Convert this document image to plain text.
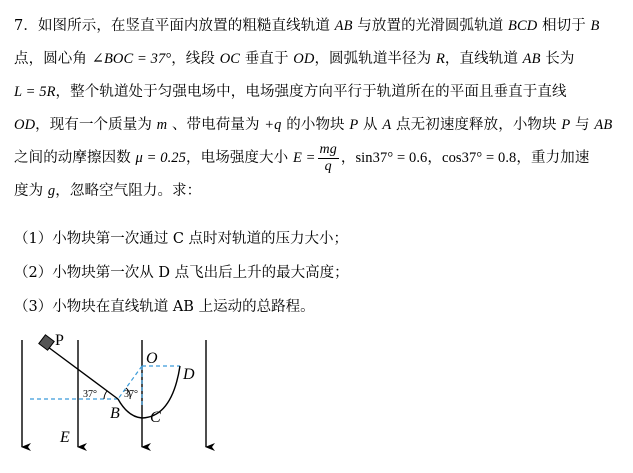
7．如图所示，在竖直平面内放置的粗糙直线轨道 AB 与放置的光滑圆弧轨道 BCD 相切于 B
点，圆心角 ∠BOC = 37°，线段 OC 垂直于 OD，圆弧轨道半径为 R，直线轨道 AB 长为
L = 5R，整个轨道处于匀强电场中，电场强度方向平行于轨道所在的平面且垂直于直线
OD，现有一个质量为 m 、带电荷量为 +q 的小物块 P 从 A 点无初速度释放，小物块 P 与 AB
之间的动摩擦因数 μ = 0.25，电场强度大小 $E = \frac{mg}{q}$ ，sin37° = 0.6，cos37° = 0.8，重力加速
度为 g，忽略空气阻力。求：
（1）小物块第一次通过 C 点时对轨道的压力大小；
（2）小物块第一次从 D 点飞出后上升的最大高度；
（3）小物块在直线轨道 AB 上运动的总路程。
P
O
D
B C
E
37°	37°
